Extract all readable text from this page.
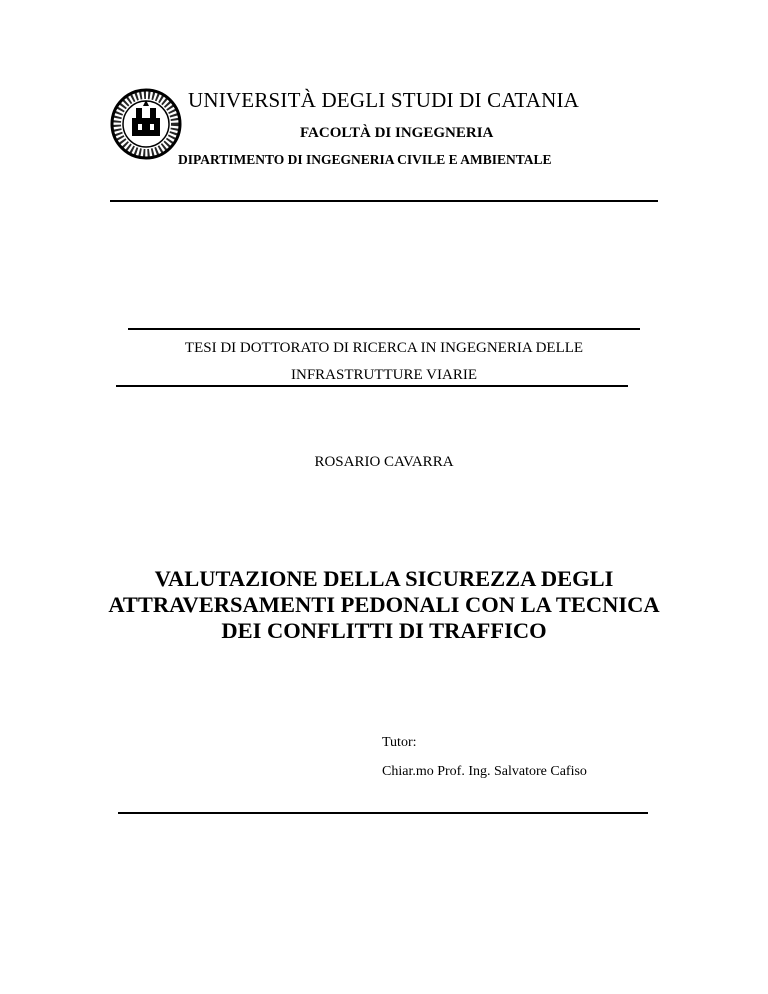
UNIVERSITÀ DEGLI STUDI DI CATANIA
FACOLTÀ DI INGEGNERIA
DIPARTIMENTO DI INGEGNERIA CIVILE E AMBIENTALE
TESI DI DOTTORATO DI RICERCA IN INGEGNERIA DELLE
INFRASTRUTTURE VIARIE
ROSARIO CAVARRA
VALUTAZIONE DELLA SICUREZZA DEGLI
ATTRAVERSAMENTI PEDONALI CON LA TECNICA
DEI CONFLITTI DI TRAFFICO
Tutor:
Chiar.mo Prof. Ing. Salvatore Cafiso
